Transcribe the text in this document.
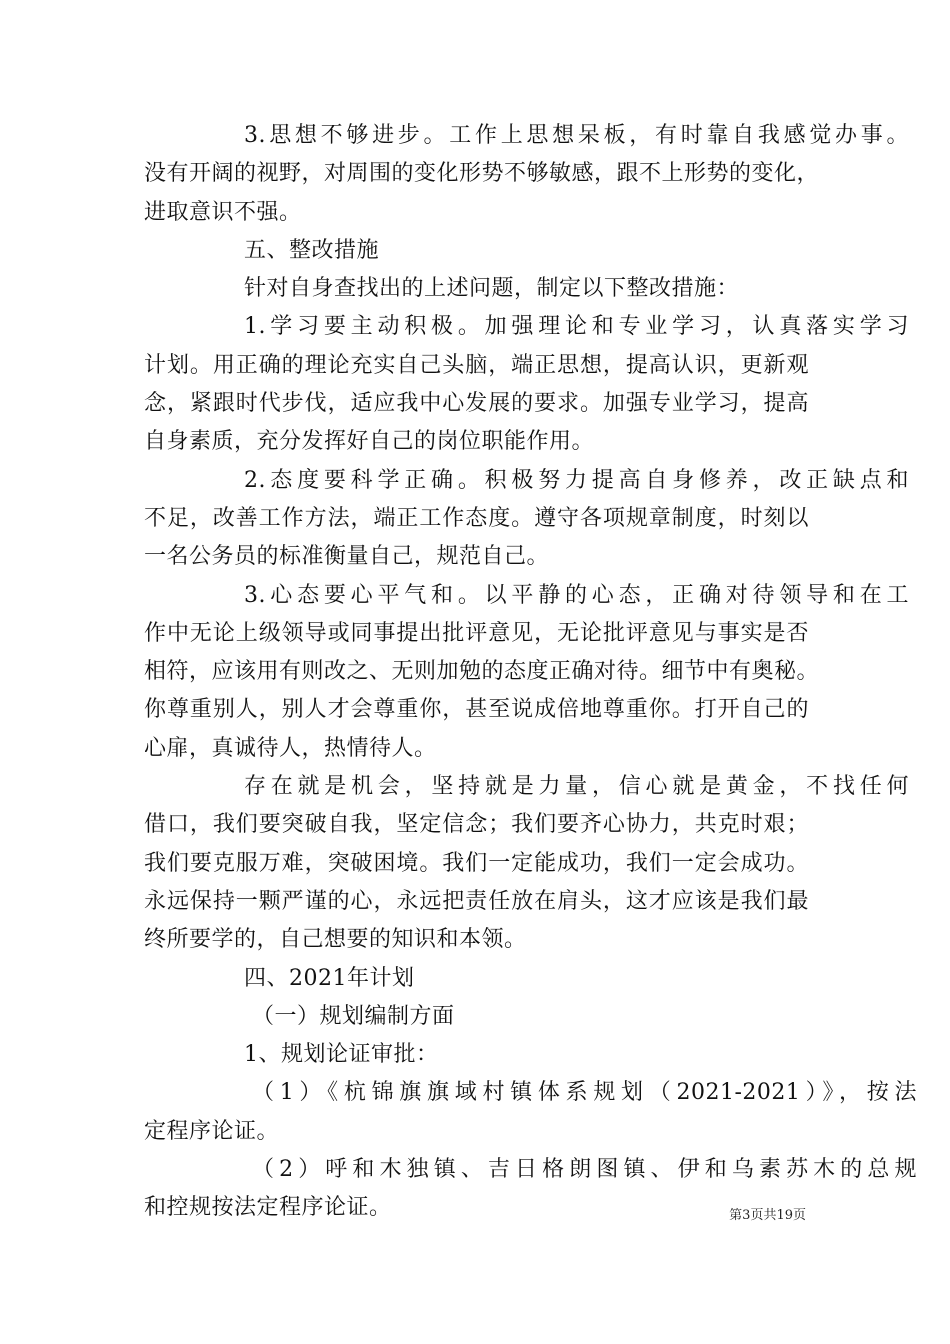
3.思想不够进步。工作上思想呆板，有时靠自我感觉办事。
没有开阔的视野，对周围的变化形势不够敏感，跟不上形势的变化，
进取意识不强。
五、整改措施
针对自身查找出的上述问题，制定以下整改措施：
1.学习要主动积极。加强理论和专业学习，认真落实学习
计划。用正确的理论充实自己头脑，端正思想，提高认识，更新观
念，紧跟时代步伐，适应我中心发展的要求。加强专业学习，提高
自身素质，充分发挥好自己的岗位职能作用。
2.态度要科学正确。积极努力提高自身修养，改正缺点和
不足，改善工作方法，端正工作态度。遵守各项规章制度，时刻以
一名公务员的标准衡量自己，规范自己。
3.心态要心平气和。以平静的心态，正确对待领导和在工
作中无论上级领导或同事提出批评意见，无论批评意见与事实是否
相符，应该用有则改之、无则加勉的态度正确对待。细节中有奥秘。
你尊重别人，别人才会尊重你，甚至说成倍地尊重你。打开自己的
心扉，真诚待人，热情待人。
存在就是机会，坚持就是力量，信心就是黄金，不找任何
借口，我们要突破自我，坚定信念；我们要齐心协力，共克时艰；
我们要克服万难，突破困境。我们一定能成功，我们一定会成功。
永远保持一颗严谨的心，永远把责任放在肩头，这才应该是我们最
终所要学的，自己想要的知识和本领。
四、2021年计划
（一）规划编制方面
1、规划论证审批：
（1）《杭锦旗旗域村镇体系规划（2021-2021）》，按法
定程序论证。
（2）呼和木独镇、吉日格朗图镇、伊和乌素苏木的总规
和控规按法定程序论证。	第3页共19页
